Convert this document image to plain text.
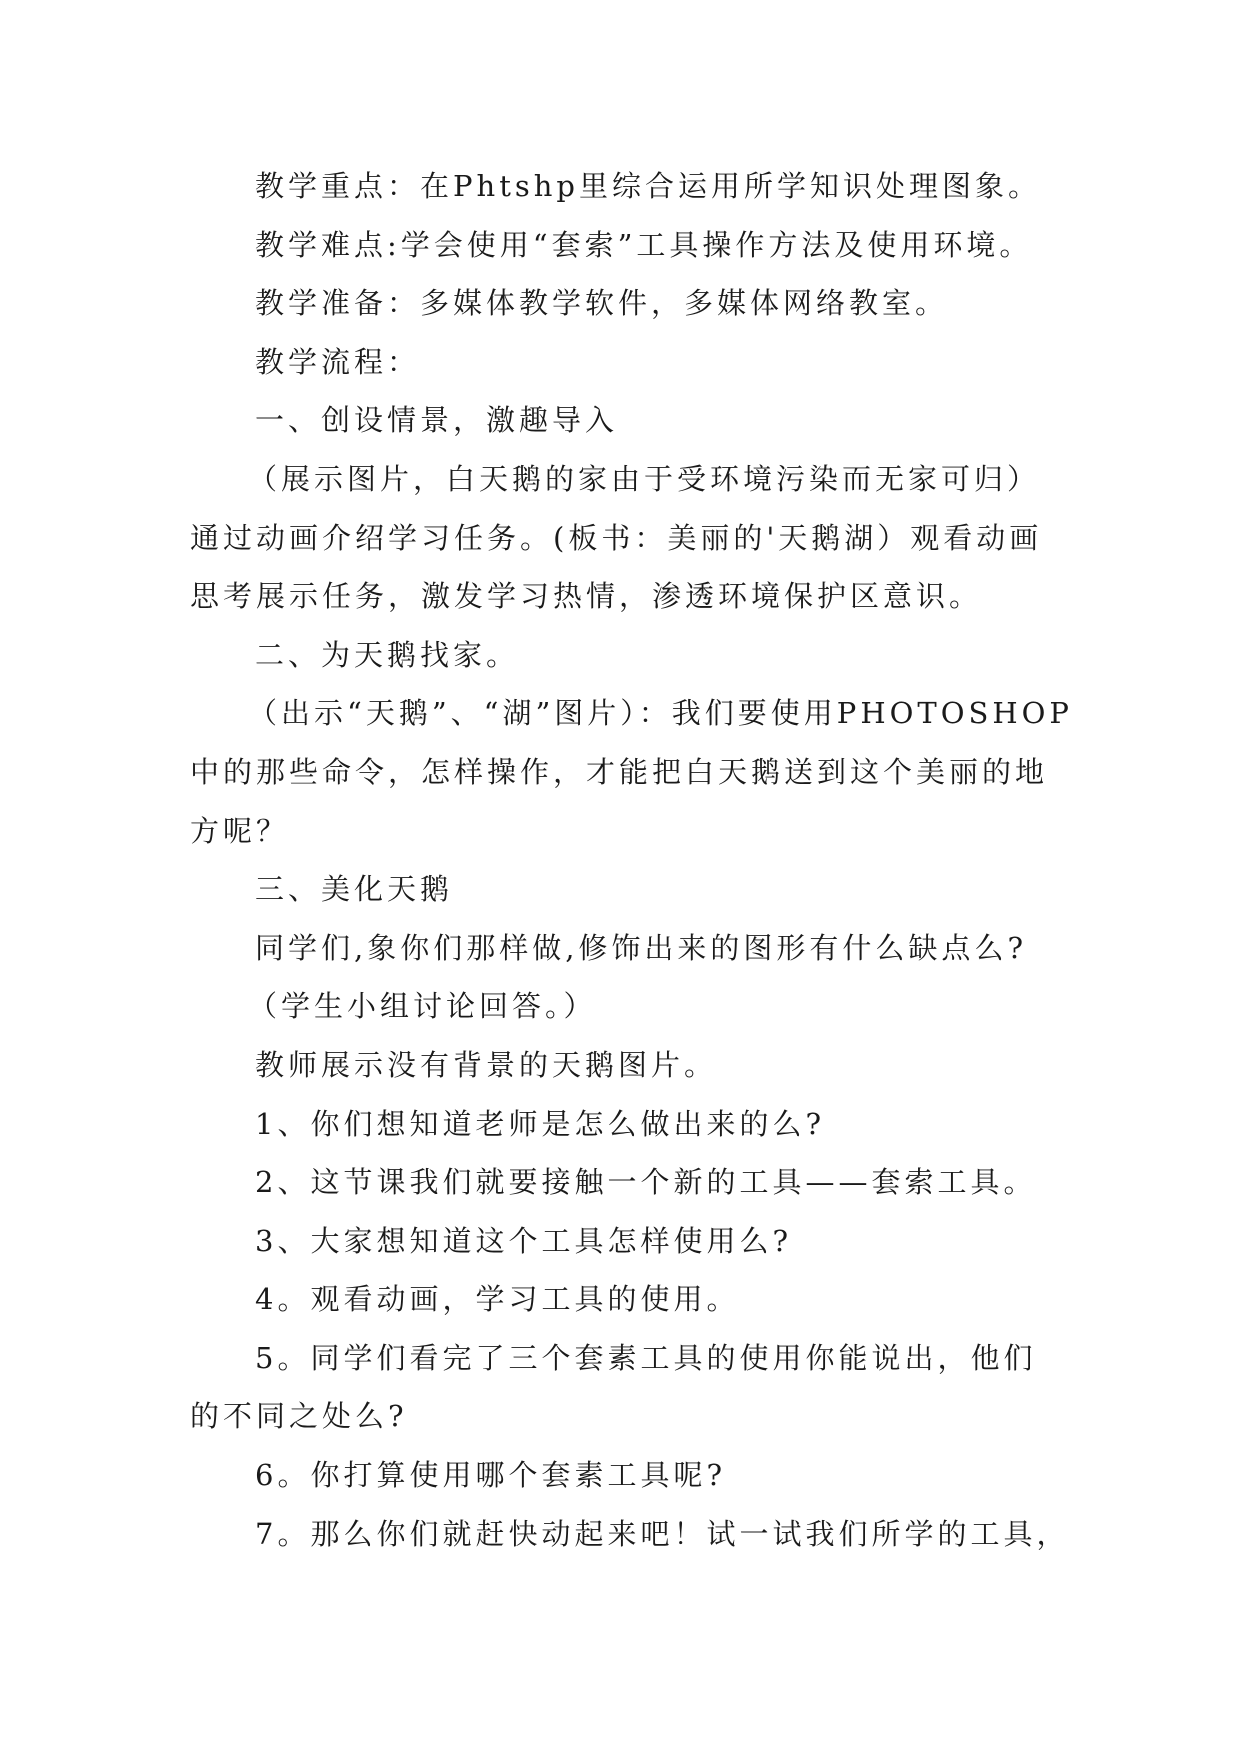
教学重点：在Phtshp里综合运用所学知识处理图象。
教学难点:学会使用“套索”工具操作方法及使用环境。
教学准备：多媒体教学软件，多媒体网络教室。
教学流程：
一、创设情景，激趣导入
（展示图片，白天鹅的家由于受环境污染而无家可归）
通过动画介绍学习任务。(板书：美丽的'天鹅湖）观看动画
思考展示任务，激发学习热情，渗透环境保护区意识。
二、为天鹅找家。
（出示“天鹅”、“湖”图片）：我们要使用PHOTOSHOP
中的那些命令，怎样操作，才能把白天鹅送到这个美丽的地
方呢？
三、美化天鹅
同学们,象你们那样做,修饰出来的图形有什么缺点么?
（学生小组讨论回答。）
教师展示没有背景的天鹅图片。
1、你们想知道老师是怎么做出来的么?
2、这节课我们就要接触一个新的工具——套索工具。
3、大家想知道这个工具怎样使用么?
4。观看动画，学习工具的使用。
5。同学们看完了三个套素工具的使用你能说出，他们
的不同之处么?
6。你打算使用哪个套素工具呢?
7。那么你们就赶快动起来吧！试一试我们所学的工具，
